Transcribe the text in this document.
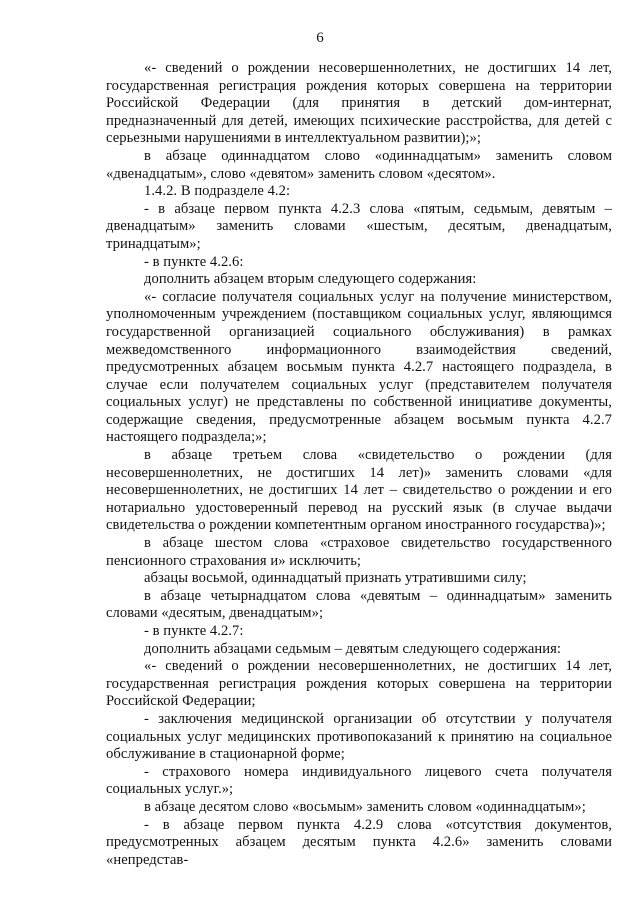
6

«- сведений о рождении несовершеннолетних, не достигших 14 лет, государственная регистрация рождения которых совершена на территории Российской Федерации (для принятия в детский дом-интернат, предназначенный для детей, имеющих психические расстройства, для детей с серьезными нарушениями в интеллектуальном развитии);»;

в абзаце одиннадцатом слово «одиннадцатым» заменить словом «двенадцатым», слово «девятом» заменить словом «десятом».

1.4.2. В подразделе 4.2:

- в абзаце первом пункта 4.2.3 слова «пятым, седьмым, девятым – двенадцатым» заменить словами «шестым, десятым, двенадцатым, тринадцатым»;

- в пункте 4.2.6:

дополнить абзацем вторым следующего содержания:

«- согласие получателя социальных услуг на получение министерством, уполномоченным учреждением (поставщиком социальных услуг, являющимся государственной организацией социального обслуживания) в рамках межведомственного информационного взаимодействия сведений, предусмотренных абзацем восьмым пункта 4.2.7 настоящего подраздела, в случае если получателем социальных услуг (представителем получателя социальных услуг) не представлены по собственной инициативе документы, содержащие сведения, предусмотренные абзацем восьмым пункта 4.2.7 настоящего подраздела;»;

в абзаце третьем слова «свидетельство о рождении (для несовершеннолетних, не достигших 14 лет)» заменить словами «для несовершеннолетних, не достигших 14 лет – свидетельство о рождении и его нотариально удостоверенный перевод на русский язык (в случае выдачи свидетельства о рождении компетентным органом иностранного государства)»;

в абзаце шестом слова «страховое свидетельство государственного пенсионного страхования и» исключить;

абзацы восьмой, одиннадцатый признать утратившими силу;

в абзаце четырнадцатом слова «девятым – одиннадцатым» заменить словами «десятым, двенадцатым»;

- в пункте 4.2.7:

дополнить абзацами седьмым – девятым следующего содержания:

«- сведений о рождении несовершеннолетних, не достигших 14 лет, государственная регистрация рождения которых совершена на территории Российской Федерации;

- заключения медицинской организации об отсутствии у получателя социальных услуг медицинских противопоказаний к принятию на социальное обслуживание в стационарной форме;

- страхового номера индивидуального лицевого счета получателя социальных услуг.»;

в абзаце десятом слово «восьмым» заменить словом «одиннадцатым»;

- в абзаце первом пункта 4.2.9 слова «отсутствия документов, предусмотренных абзацем десятым пункта 4.2.6» заменить словами «непредстав-
